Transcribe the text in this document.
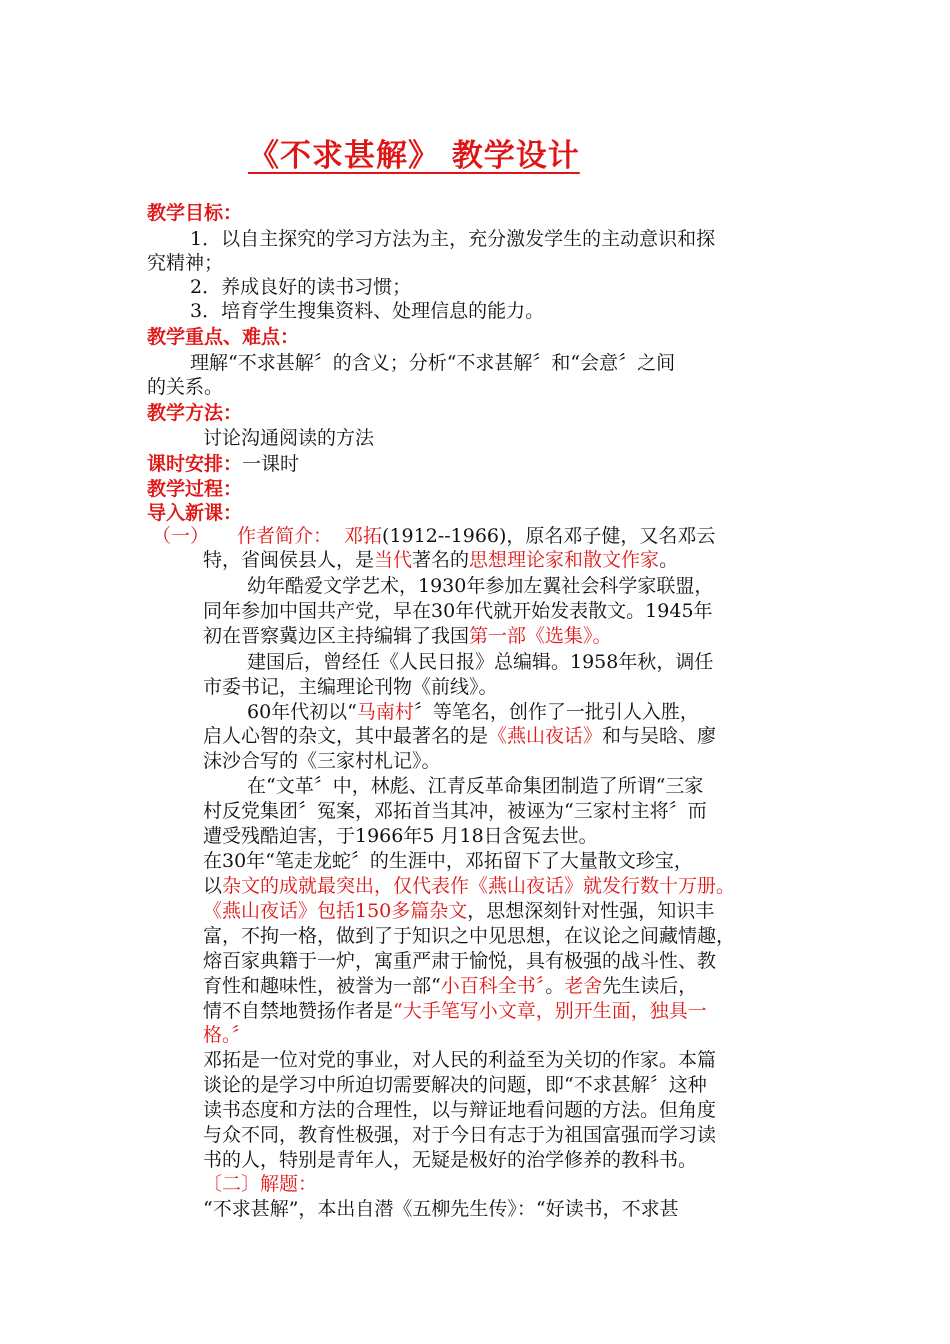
《不求甚解》 教学设计
教学目标：
1．以自主探究的学习方法为主，充分激发学生的主动意识和探
究精神；
2．养成良好的读书习惯；
3．培育学生搜集资料、处理信息的能力。
教学重点、难点：
理解“不求甚解〞的含义；分析“不求甚解〞和“会意〞之间
的关系。
教学方法：
讨论沟通阅读的方法
课时安排：一课时
教学过程：
导入新课：
（一） 作者简介： 邓拓(1912--1966)，原名邓子健，又名邓云
特，省闽侯县人，是当代著名的思想理论家和散文作家。
幼年酷爱文学艺术，1930年参加左翼社会科学家联盟，
同年参加中国共产党，早在30年代就开始发表散文。1945年
初在晋察冀边区主持编辑了我国第一部《选集》。
建国后，曾经任《人民日报》总编辑。1958年秋，调任
市委书记，主编理论刊物《前线》。
60年代初以“马南村〞等笔名，创作了一批引人入胜，
启人心智的杂文，其中最著名的是《燕山夜话》和与吴晗、廖
沫沙合写的《三家村札记》。
在“文革〞中，林彪、江青反革命集团制造了所谓“三家
村反党集团〞冤案，邓拓首当其冲，被诬为“三家村主将〞而
遭受残酷迫害，于1966年5 月18日含冤去世。
在30年“笔走龙蛇〞的生涯中，邓拓留下了大量散文珍宝，
以杂文的成就最突出，仅代表作《燕山夜话》就发行数十万册。
《燕山夜话》包括150多篇杂文，思想深刻针对性强，知识丰
富，不拘一格，做到了于知识之中见思想，在议论之间藏情趣，
熔百家典籍于一炉，寓重严肃于愉悦，具有极强的战斗性、教
育性和趣味性，被誉为一部“小百科全书〞。老舍先生读后，
情不自禁地赞扬作者是“大手笔写小文章，别开生面，独具一
格。〞
邓拓是一位对党的事业，对人民的利益至为关切的作家。本篇
谈论的是学习中所迫切需要解决的问题，即“不求甚解〞这种
读书态度和方法的合理性，以与辩证地看问题的方法。但角度
与众不同，教育性极强，对于今日有志于为祖国富强而学习读
书的人，特别是青年人，无疑是极好的治学修养的教科书。
〔二〕解题：
“不求甚解”，本出自潜《五柳先生传》：“好读书，不求甚
